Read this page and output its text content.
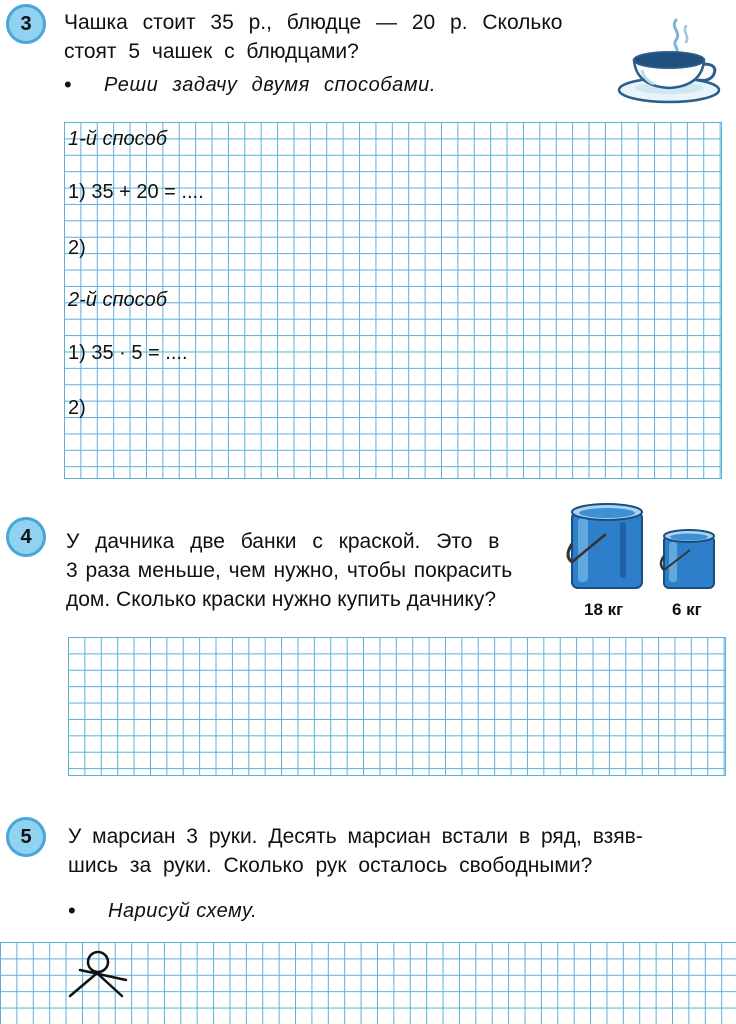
3 Чашка стоит 35 р., блюдце — 20 р. Сколько
стоят 5 чашек с блюдцами?
• Реши задачу двумя способами.
1-й способ
1) 35 + 20 = ....
2)
2-й способ
1) 35 · 5 = ....
2)
4 У дачника две банки с краской. Это в
3 раза меньше, чем нужно, чтобы покрасить
дом. Сколько краски нужно купить дачнику?	18 кг	6 кг
5 У марсиан 3 руки. Десять марсиан встали в ряд, взяв-
шись за руки. Сколько рук осталось свободными?
• Нарисуй схему.
